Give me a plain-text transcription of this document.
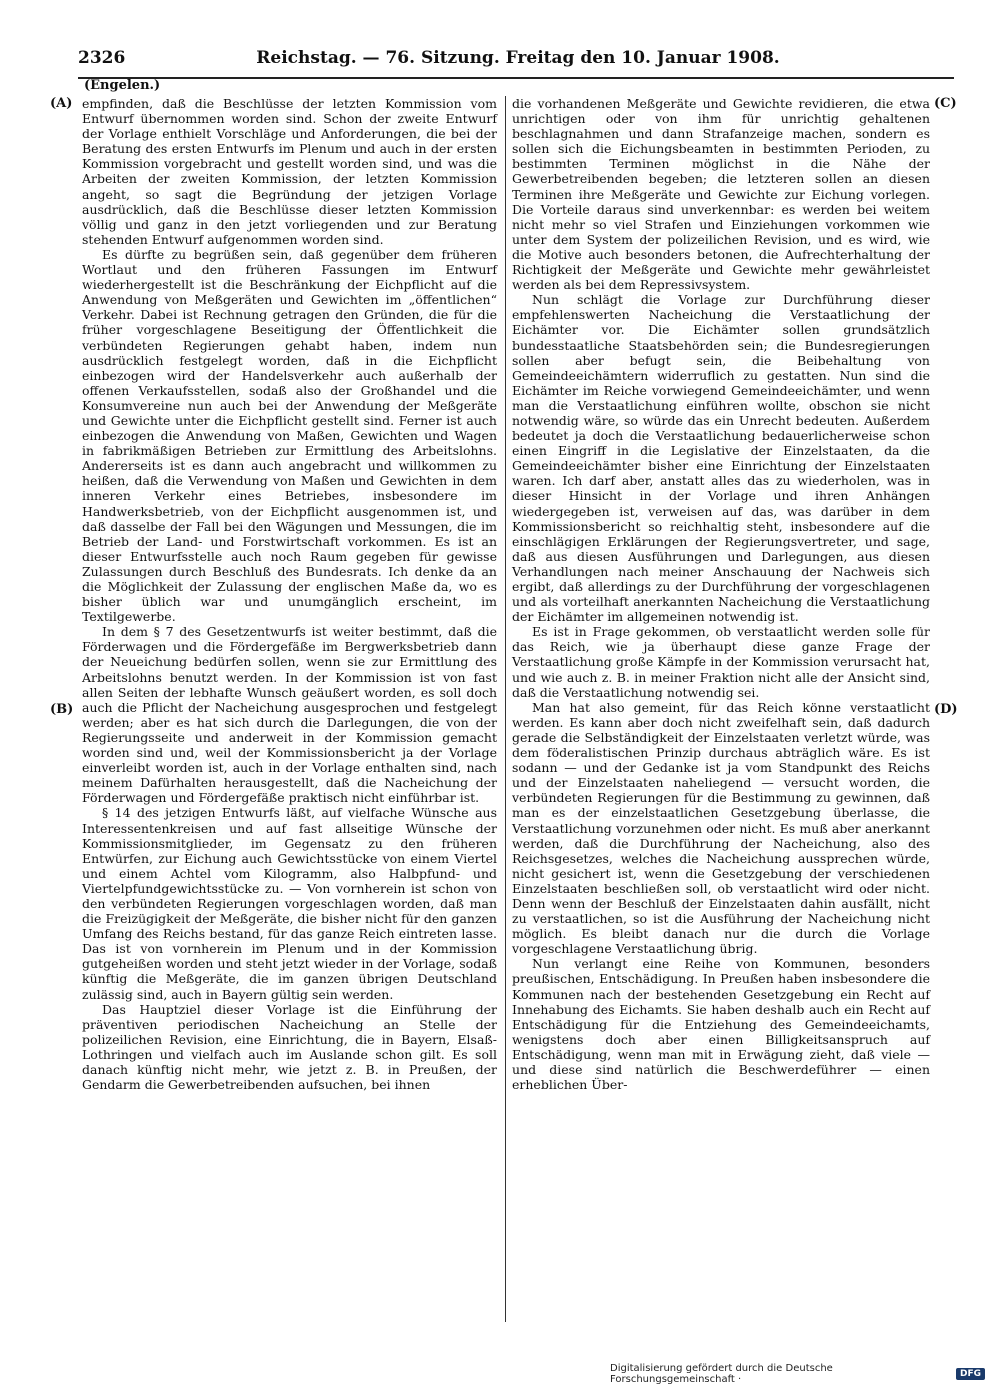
2326	Reichstag. — 76. Sitzung. Freitag den 10. Januar 1908.
(Engelen.)
(A)
(B)
(C)
(D)

empfinden, daß die Beschlüsse der letzten Kommission vom Entwurf übernommen worden sind. Schon der zweite Entwurf der Vorlage enthielt Vorschläge und Anforderungen, die bei der Beratung des ersten Entwurfs im Plenum und auch in der ersten Kommission vorgebracht und gestellt worden sind, und was die Arbeiten der zweiten Kommission, der letzten Kommission angeht, so sagt die Begründung der jetzigen Vorlage ausdrücklich, daß die Beschlüsse dieser letzten Kommission völlig und ganz in den jetzt vorliegenden und zur Beratung stehenden Entwurf aufgenommen worden sind.

Es dürfte zu begrüßen sein, daß gegenüber dem früheren Wortlaut und den früheren Fassungen im Entwurf wiederhergestellt ist die Beschränkung der Eichpflicht auf die Anwendung von Meßgeräten und Gewichten im „öffentlichen“ Verkehr. Dabei ist Rechnung getragen den Gründen, die für die früher vorgeschlagene Beseitigung der Öffentlichkeit die verbündeten Regierungen gehabt haben, indem nun ausdrücklich festgelegt worden, daß in die Eichpflicht einbezogen wird der Handelsverkehr auch außerhalb der offenen Verkaufsstellen, sodaß also der Großhandel und die Konsumvereine nun auch bei der Anwendung der Meßgeräte und Gewichte unter die Eichpflicht gestellt sind. Ferner ist auch einbezogen die Anwendung von Maßen, Gewichten und Wagen in fabrikmäßigen Betrieben zur Ermittlung des Arbeitslohns. Andererseits ist es dann auch angebracht und willkommen zu heißen, daß die Verwendung von Maßen und Gewichten in dem inneren Verkehr eines Betriebes, insbesondere im Handwerksbetrieb, von der Eichpflicht ausgenommen ist, und daß dasselbe der Fall bei den Wägungen und Messungen, die im Betrieb der Land- und Forstwirtschaft vorkommen. Es ist an dieser Entwurfsstelle auch noch Raum gegeben für gewisse Zulassungen durch Beschluß des Bundesrats. Ich denke da an die Möglichkeit der Zulassung der englischen Maße da, wo es bisher üblich war und unumgänglich erscheint, im Textilgewerbe.

In dem § 7 des Gesetzentwurfs ist weiter bestimmt, daß die Förderwagen und die Fördergefäße im Bergwerksbetrieb dann der Neueichung bedürfen sollen, wenn sie zur Ermittlung des Arbeitslohns benutzt werden. In der Kommission ist von fast allen Seiten der lebhafte Wunsch geäußert worden, es soll doch auch die Pflicht der Nacheichung ausgesprochen und festgelegt werden; aber es hat sich durch die Darlegungen, die von der Regierungsseite und anderweit in der Kommission gemacht worden sind und, weil der Kommissionsbericht ja der Vorlage einverleibt worden ist, auch in der Vorlage enthalten sind, nach meinem Dafürhalten herausgestellt, daß die Nacheichung der Förderwagen und Fördergefäße praktisch nicht einführbar ist.

§ 14 des jetzigen Entwurfs läßt, auf vielfache Wünsche aus Interessentenkreisen und auf fast allseitige Wünsche der Kommissionsmitglieder, im Gegensatz zu den früheren Entwürfen, zur Eichung auch Gewichtsstücke von einem Viertel und einem Achtel vom Kilogramm, also Halbpfund- und Viertelpfundgewichtsstücke zu. — Von vornherein ist schon von den verbündeten Regierungen vorgeschlagen worden, daß man die Freizügigkeit der Meßgeräte, die bisher nicht für den ganzen Umfang des Reichs bestand, für das ganze Reich eintreten lasse. Das ist von vornherein im Plenum und in der Kommission gutgeheißen worden und steht jetzt wieder in der Vorlage, sodaß künftig die Meßgeräte, die im ganzen übrigen Deutschland zulässig sind, auch in Bayern gültig sein werden.

Das Hauptziel dieser Vorlage ist die Einführung der präventiven periodischen Nacheichung an Stelle der polizeilichen Revision, eine Einrichtung, die in Bayern, Elsaß-Lothringen und vielfach auch im Auslande schon gilt. Es soll danach künftig nicht mehr, wie jetzt z. B. in Preußen, der Gendarm die Gewerbetreibenden aufsuchen, bei ihnen

die vorhandenen Meßgeräte und Gewichte revidieren, die etwa unrichtigen oder von ihm für unrichtig gehaltenen beschlagnahmen und dann Strafanzeige machen, sondern es sollen sich die Eichungsbeamten in bestimmten Perioden, zu bestimmten Terminen möglichst in die Nähe der Gewerbetreibenden begeben; die letzteren sollen an diesen Terminen ihre Meßgeräte und Gewichte zur Eichung vorlegen. Die Vorteile daraus sind unverkennbar: es werden bei weitem nicht mehr so viel Strafen und Einziehungen vorkommen wie unter dem System der polizeilichen Revision, und es wird, wie die Motive auch besonders betonen, die Aufrechterhaltung der Richtigkeit der Meßgeräte und Gewichte mehr gewährleistet werden als bei dem Repressivsystem.

Nun schlägt die Vorlage zur Durchführung dieser empfehlenswerten Nacheichung die Verstaatlichung der Eichämter vor. Die Eichämter sollen grundsätzlich bundesstaatliche Staatsbehörden sein; die Bundesregierungen sollen aber befugt sein, die Beibehaltung von Gemeindeeichämtern widerruflich zu gestatten. Nun sind die Eichämter im Reiche vorwiegend Gemeindeeichämter, und wenn man die Verstaatlichung einführen wollte, obschon sie nicht notwendig wäre, so würde das ein Unrecht bedeuten. Außerdem bedeutet ja doch die Verstaatlichung bedauerlicherweise schon einen Eingriff in die Legislative der Einzelstaaten, da die Gemeindeeichämter bisher eine Einrichtung der Einzelstaaten waren. Ich darf aber, anstatt alles das zu wiederholen, was in dieser Hinsicht in der Vorlage und ihren Anhängen wiedergegeben ist, verweisen auf das, was darüber in dem Kommissionsbericht so reichhaltig steht, insbesondere auf die einschlägigen Erklärungen der Regierungsvertreter, und sage, daß aus diesen Ausführungen und Darlegungen, aus diesen Verhandlungen nach meiner Anschauung der Nachweis sich ergibt, daß allerdings zu der Durchführung der vorgeschlagenen und als vorteilhaft anerkannten Nacheichung die Verstaatlichung der Eichämter im allgemeinen notwendig ist.

Es ist in Frage gekommen, ob verstaatlicht werden solle für das Reich, wie ja überhaupt diese ganze Frage der Verstaatlichung große Kämpfe in der Kommission verursacht hat, und wie auch z. B. in meiner Fraktion nicht alle der Ansicht sind, daß die Verstaatlichung notwendig sei.

Man hat also gemeint, für das Reich könne verstaatlicht werden. Es kann aber doch nicht zweifelhaft sein, daß dadurch gerade die Selbständigkeit der Einzelstaaten verletzt würde, was dem föderalistischen Prinzip durchaus abträglich wäre. Es ist sodann — und der Gedanke ist ja vom Standpunkt des Reichs und der Einzelstaaten naheliegend — versucht worden, die verbündeten Regierungen für die Bestimmung zu gewinnen, daß man es der einzelstaatlichen Gesetzgebung überlasse, die Verstaatlichung vorzunehmen oder nicht. Es muß aber anerkannt werden, daß die Durchführung der Nacheichung, also des Reichsgesetzes, welches die Nacheichung aussprechen würde, nicht gesichert ist, wenn die Gesetzgebung der verschiedenen Einzelstaaten beschließen soll, ob verstaatlicht wird oder nicht. Denn wenn der Beschluß der Einzelstaaten dahin ausfällt, nicht zu verstaatlichen, so ist die Ausführung der Nacheichung nicht möglich. Es bleibt danach nur die durch die Vorlage vorgeschlagene Verstaatlichung übrig.

Nun verlangt eine Reihe von Kommunen, besonders preußischen, Entschädigung. In Preußen haben insbesondere die Kommunen nach der bestehenden Gesetzgebung ein Recht auf Innehabung des Eichamts. Sie haben deshalb auch ein Recht auf Entschädigung für die Entziehung des Gemeindeeichamts, wenigstens doch aber einen Billigkeitsanspruch auf Entschädigung, wenn man mit in Erwägung zieht, daß viele — und diese sind natürlich die Beschwerdeführer — einen erheblichen Über-

Digitalisierung gefördert durch die Deutsche Forschungsgemeinschaft ·	DFG
